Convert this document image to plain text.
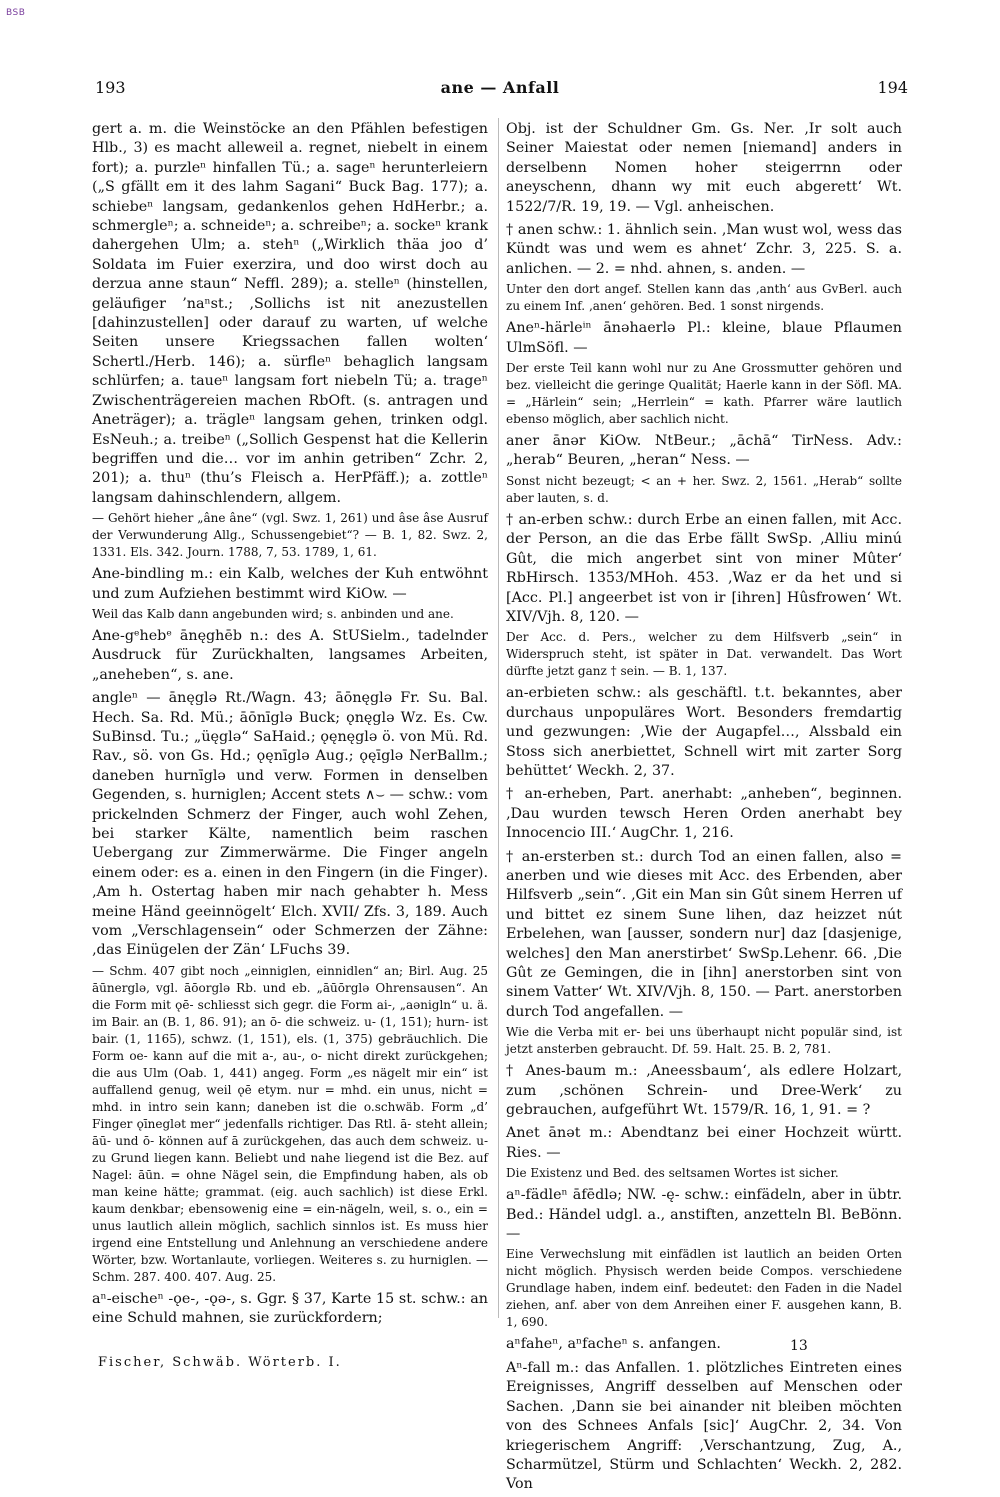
BSB
193	ane — Anfall	194

gert a. m. die Weinstöcke an den Pfählen befestigen Hlb., 3) es macht alleweil a. regnet, niebelt in einem fort); a. purzleⁿ hinfallen Tü.; a. sageⁿ herunterleiern („S gfällt em it des lahm Sagani“ Buck Bag. 177); a. schiebeⁿ langsam, gedankenlos gehen HdHerbr.; a. schmergleⁿ; a. schneideⁿ; a. schreibeⁿ; a. sockeⁿ krank dahergehen Ulm; a. stehⁿ („Wirklich thäa joo d’ Soldata im Fuier exerzira, und doo wirst doch au derzua anne staun“ Neffl. 289); a. stelleⁿ (hinstellen, geläufiger ’naⁿst.; ‚Sollichs ist nit anezustellen [dahinzustellen] oder darauf zu warten, uf welche Seiten unsere Kriegssachen fallen wolten‘ Schertl./Herb. 146); a. sürfleⁿ behaglich langsam schlürfen; a. taueⁿ langsam fort niebeln Tü; a. trageⁿ Zwischenträgereien machen RbOft. (s. antragen und Aneträger); a. trägleⁿ langsam gehen, trinken odgl. EsNeuh.; a. treibeⁿ („Sollich Gespenst hat die Kellerin begriffen und die… vor im anhin getriben“ Zchr. 2, 201); a. thuⁿ (thu’s Fleisch a. HerPfäff.); a. zottleⁿ langsam dahinschlendern, allgem.

— Gehört hieher „âne âne“ (vgl. Swz. 1, 261) und âse âse Ausruf der Verwunderung Allg., Schussengebiet“? — B. 1, 82. Swz. 2, 1331. Els. 342. Journ. 1788, 7, 53. 1789, 1, 61.

Ane-bindling m.: ein Kalb, welches der Kuh entwöhnt und zum Aufziehen bestimmt wird KiOw. —

Weil das Kalb dann angebunden wird; s. anbinden und ane.

Ane-gᵉhebᵉ ānęghēb n.: des A. StUSielm., tadelnder Ausdruck für Zurückhalten, langsames Arbeiten, „aneheben“, s. ane.

angleⁿ — ānęglə Rt./Wagn. 43; āōnęglə Fr. Su. Bal. Hech. Sa. Rd. Mü.; āōnīglə Buck; ǫnęglə Wz. Es. Cw. SuBinsd. Tu.; „üęglə“ SaHaid.; ǫęnęglə ö. von Mü. Rd. Rav., sö. von Gs. Hd.; ǫęnīglə Aug.; ǫęīglə NerBallm.; daneben hurnīglə und verw. Formen in denselben Gegenden, s. hurniglen; Accent stets ∧⌣ — schw.: vom prickelnden Schmerz der Finger, auch wohl Zehen, bei starker Kälte, namentlich beim raschen Uebergang zur Zimmerwärme. Die Finger angeln einem oder: es a. einen in den Fingern (in die Finger). ‚Am h. Ostertag haben mir nach gehabter h. Mess meine Händ geeinnögelt‘ Elch. XVII/ Zfs. 3, 189. Auch vom „Verschlagensein“ oder Schmerzen der Zähne: ‚das Einügelen der Zän‘ LFuchs 39.

— Schm. 407 gibt noch „einniglen, einnidlen“ an; Birl. Aug. 25 āūnerglə, vgl. āōorglə Rb. und eb. „āūōrglə Ohrensausen“. An die Form mit ǫē- schliesst sich gegr. die Form ai-, „aənigln“ u. ä. im Bair. an (B. 1, 86. 91); an ō- die schweiz. u- (1, 151); hurn- ist bair. (1, 1165), schwz. (1, 151), els. (1, 375) gebräuchlich. Die Form oe- kann auf die mit a-, au-, o- nicht direkt zurückgehen; die aus Ulm (Oab. 1, 441) angeg. Form „es nägelt mir ein“ ist auffallend genug, weil ǫē etym. nur = mhd. ein unus, nicht = mhd. in intro sein kann; daneben ist die o.schwäb. Form „d’ Finger ǫīneglət mer“ jedenfalls richtiger. Das Rtl. ā- steht allein; āū- und ō- können auf ā zurückgehen, das auch dem schweiz. u- zu Grund liegen kann. Beliebt und nahe liegend ist die Bez. auf Nagel: āūn. = ohne Nägel sein, die Empfindung haben, als ob man keine hätte; grammat. (eig. auch sachlich) ist diese Erkl. kaum denkbar; ebensowenig eine = ein-nägeln, weil, s. o., ein = unus lautlich allein möglich, sachlich sinnlos ist. Es muss hier irgend eine Entstellung und Anlehnung an verschiedene andere Wörter, bzw. Wortanlaute, vorliegen. Weiteres s. zu hurniglen. — Schm. 287. 400. 407. Aug. 25.

aⁿ-eischeⁿ -ǫe-, -ǫə-, s. Ggr. § 37, Karte 15 st. schw.: an eine Schuld mahnen, sie zurückfordern;

Obj. ist der Schuldner Gm. Gs. Ner. ‚Ir solt auch Seiner Maiestat oder nemen [niemand] anders in derselbenn Nomen hoher steigerrnn oder aneyschenn, dhann wy mit euch abgerett‘ Wt. 1522/7/R. 19, 19. — Vgl. anheischen.

† anen schw.: 1. ähnlich sein. ‚Man wust wol, wess das Kündt was und wem es ahnet‘ Zchr. 3, 225. S. a. anlichen. — 2. = nhd. ahnen, s. anden. —

Unter den dort angef. Stellen kann das ‚anth‘ aus GvBerl. auch zu einem Inf. ‚anen‘ gehören. Bed. 1 sonst nirgends.

Aneⁿ-härleⁱⁿ ānəhaerlə Pl.: kleine, blaue Pflaumen UlmSöfl. —

Der erste Teil kann wohl nur zu Ane Grossmutter gehören und bez. vielleicht die geringe Qualität; Haerle kann in der Söfl. MA. = „Härlein“ sein; „Herrlein“ = kath. Pfarrer wäre lautlich ebenso möglich, aber sachlich nicht.

aner ānər KiOw. NtBeur.; „āchā“ TirNess. Adv.: „herab“ Beuren, „heran“ Ness. —

Sonst nicht bezeugt; < an + her. Swz. 2, 1561. „Herab“ sollte aber lauten, s. d.

† an-erben schw.: durch Erbe an einen fallen, mit Acc. der Person, an die das Erbe fällt SwSp. ‚Alliu minú Gût, die mich angerbet sint von miner Mûter‘ RbHirsch. 1353/MHoh. 453. ‚Waz er da het und si [Acc. Pl.] angeerbet ist von ir [ihren] Hûsfrowen‘ Wt. XIV/Vjh. 8, 120. —

Der Acc. d. Pers., welcher zu dem Hilfsverb „sein“ in Widerspruch steht, ist später in Dat. verwandelt. Das Wort dürfte jetzt ganz † sein. — B. 1, 137.

an-erbieten schw.: als geschäftl. t.t. bekanntes, aber durchaus unpopuläres Wort. Besonders fremdartig und gezwungen: ‚Wie der Augapfel…, Alssbald ein Stoss sich anerbiettet, Schnell wirt mit zarter Sorg behüttet‘ Weckh. 2, 37.

† an-erheben, Part. anerhabt: „anheben“, beginnen. ‚Dau wurden tewsch Heren Orden anerhabt bey Innocencio III.‘ AugChr. 1, 216.

† an-ersterben st.: durch Tod an einen fallen, also = anerben und wie dieses mit Acc. des Erbenden, aber Hilfsverb „sein“. ‚Git ein Man sin Gût sinem Herren uf und bittet ez sinem Sune lihen, daz heizzet nút Erbelehen, wan [ausser, sondern nur] daz [dasjenige, welches] den Man anerstirbet‘ SwSp.Lehenr. 66. ‚Die Gût ze Gemingen, die in [ihn] anerstorben sint von sinem Vatter‘ Wt. XIV/Vjh. 8, 150. — Part. anerstorben durch Tod angefallen. —

Wie die Verba mit er- bei uns überhaupt nicht populär sind, ist jetzt ansterben gebraucht. Df. 59. Halt. 25. B. 2, 781.

† Anes-baum m.: ‚Aneessbaum‘, als edlere Holzart, zum ‚schönen Schrein- und Dree-Werk‘ zu gebrauchen, aufgeführt Wt. 1579/R. 16, 1, 91. = ?

Anet ānət m.: Abendtanz bei einer Hochzeit württ. Ries. —

Die Existenz und Bed. des seltsamen Wortes ist sicher.

aⁿ-fädleⁿ āfēdlə; NW. -ę- schw.: einfädeln, aber in übtr. Bed.: Händel udgl. a., anstiften, anzetteln Bl. BeBönn. —

Eine Verwechslung mit einfädlen ist lautlich an beiden Orten nicht möglich. Physisch werden beide Compos. verschiedene Grundlage haben, indem einf. bedeutet: den Faden in die Nadel ziehen, anf. aber von dem Anreihen einer F. ausgehen kann, B. 1, 690.

aⁿfaheⁿ, aⁿfacheⁿ s. anfangen.

Aⁿ-fall m.: das Anfallen. 1. plötzliches Eintreten eines Ereignisses, Angriff desselben auf Menschen oder Sachen. ‚Dann sie bei ainander nit bleiben möchten von des Schnees Anfals [sic]‘ AugChr. 2, 34. Von kriegerischem Angriff: ‚Verschantzung, Zug, A., Scharmützel, Stürm und Schlachten‘ Weckh. 2, 282. Von

Fischer, Schwäb. Wörterb. I.
13
